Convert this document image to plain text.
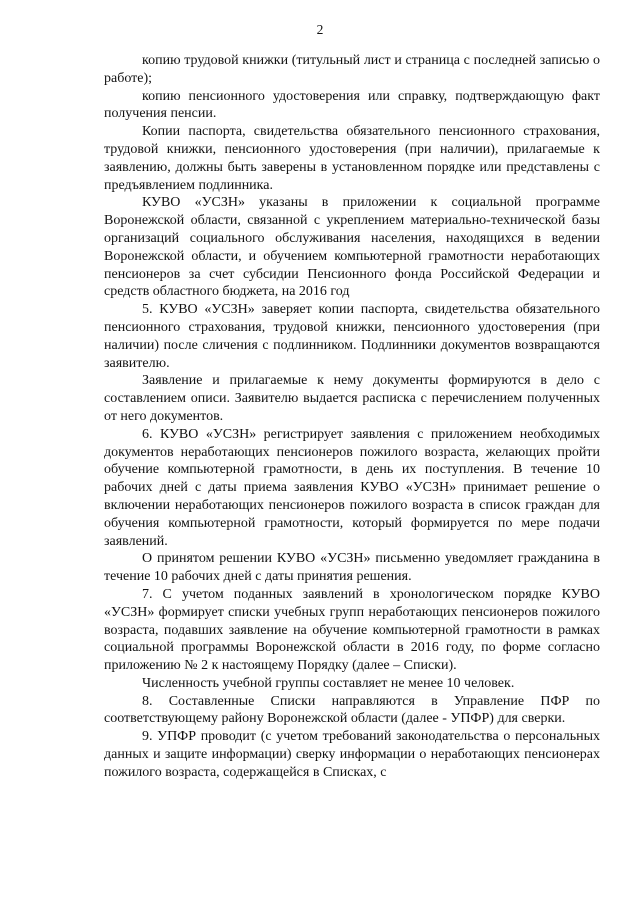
2

копию трудовой книжки (титульный лист и страница с последней записью о работе);

копию пенсионного удостоверения или справку, подтверждающую факт получения пенсии.

Копии паспорта, свидетельства обязательного пенсионного страхования, трудовой книжки, пенсионного удостоверения (при наличии), прилагаемые к заявлению, должны быть заверены в установленном порядке или представлены с предъявлением подлинника.

КУВО «УСЗН» указаны в приложении к социальной программе Воронежской области, связанной с укреплением материально-технической базы организаций социального обслуживания населения, находящихся в ведении Воронежской области, и обучением компьютерной грамотности неработающих пенсионеров за счет субсидии Пенсионного фонда Российской Федерации и средств областного бюджета, на 2016 год

5. КУВО «УСЗН» заверяет копии паспорта, свидетельства обязательного пенсионного страхования, трудовой книжки, пенсионного удостоверения (при наличии) после сличения с подлинником. Подлинники документов возвращаются заявителю.

Заявление и прилагаемые к нему документы формируются в дело с составлением описи. Заявителю выдается расписка с перечислением полученных от него документов.

6. КУВО «УСЗН» регистрирует заявления с приложением необходимых документов неработающих пенсионеров пожилого возраста, желающих пройти обучение компьютерной грамотности, в день их поступления. В течение 10 рабочих дней с даты приема заявления КУВО «УСЗН» принимает решение о включении неработающих пенсионеров пожилого возраста в список граждан для обучения компьютерной грамотности, который формируется по мере подачи заявлений.

О принятом решении КУВО «УСЗН» письменно уведомляет гражданина в течение 10 рабочих дней с даты принятия решения.

7. С учетом поданных заявлений в хронологическом порядке КУВО «УСЗН» формирует списки учебных групп неработающих пенсионеров пожилого возраста, подавших заявление на обучение компьютерной грамотности в рамках социальной программы Воронежской области в 2016 году, по форме согласно приложению № 2 к настоящему Порядку (далее – Списки).

Численность учебной группы составляет не менее 10 человек.

8. Составленные Списки направляются в Управление ПФР по соответствующему району Воронежской области (далее - УПФР) для сверки.

9. УПФР проводит (с учетом требований законодательства о персональных данных и защите информации) сверку информации о неработающих пенсионерах пожилого возраста, содержащейся в Списках, с
